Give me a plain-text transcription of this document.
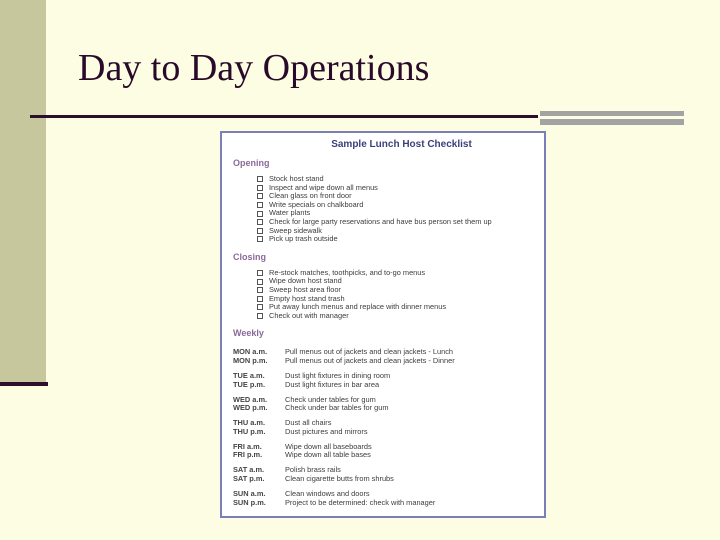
Day to Day Operations
Sample Lunch Host Checklist
Opening
Stock host stand
Inspect and wipe down all menus
Clean glass on front door
Write specials on chalkboard
Water plants
Check for large party reservations and have bus person set them up
Sweep sidewalk
Pick up trash outside
Closing
Re-stock matches, toothpicks, and to-go menus
Wipe down host stand
Sweep host area floor
Empty host stand trash
Put away lunch menus and replace with dinner menus
Check out with manager
Weekly
MON a.m.	Pull menus out of jackets and clean jackets - Lunch
MON p.m.	Pull menus out of jackets and clean jackets - Dinner
TUE a.m.	Dust light fixtures in dining room
TUE p.m.	Dust light fixtures in bar area
WED a.m.	Check under tables for gum
WED p.m.	Check under bar tables for gum
THU a.m.	Dust all chairs
THU p.m.	Dust pictures and mirrors
FRI a.m.	Wipe down all baseboards
FRI p.m.	Wipe down all table bases
SAT a.m.	Polish brass rails
SAT p.m.	Clean cigarette butts from shrubs
SUN a.m.	Clean windows and doors
SUN p.m.	Project to be determined: check with manager
